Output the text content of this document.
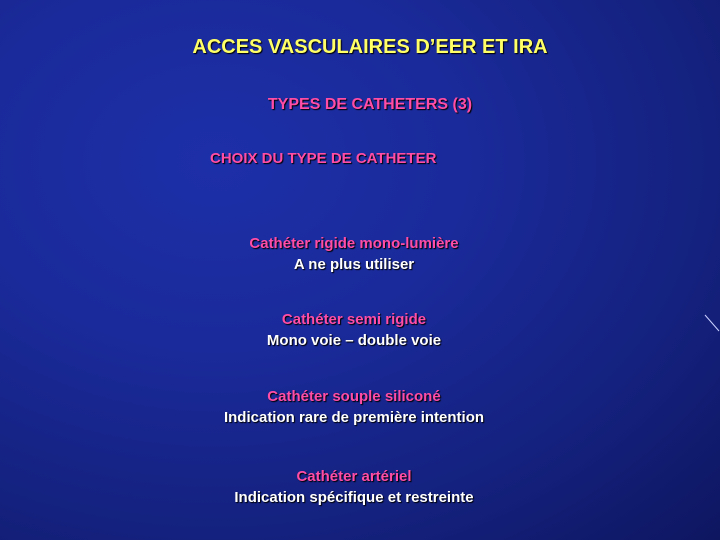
ACCES VASCULAIRES D’EER ET IRA
TYPES DE CATHETERS (3)
CHOIX DU TYPE DE CATHETER
Cathéter rigide mono-lumière
A ne plus utiliser
Cathéter semi rigide
Mono voie – double voie
Cathéter souple siliconé
Indication rare de première intention
Cathéter artériel
Indication spécifique et restreinte
